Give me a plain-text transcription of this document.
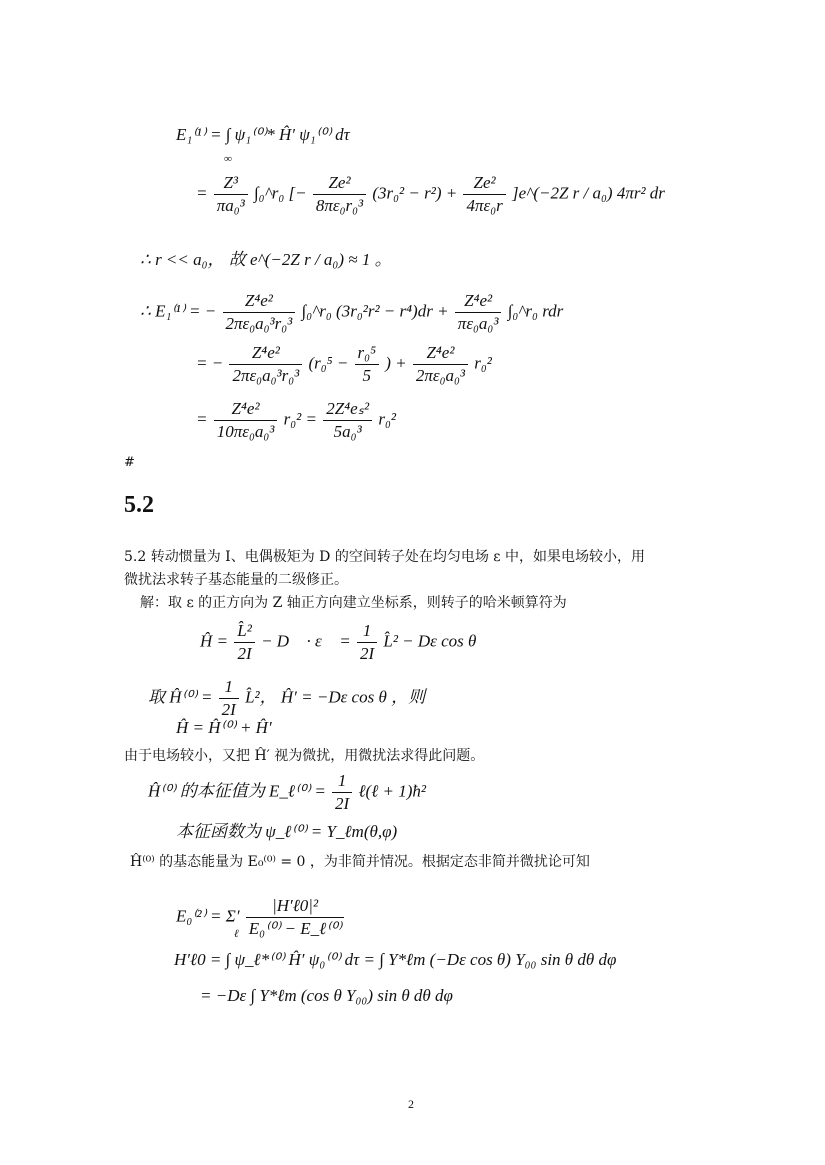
E₁⁽¹⁾ = ∫ ψ₁⁽⁰⁾* Ĥ′ ψ₁⁽⁰⁾ dτ
∞
= $\frac{\text{Z³}}{\text{πa₀³}}$ ∫₀^r₀ [− $\frac{\text{Ze²}}{\text{8πε₀r₀³}} (3r_0^2 - r^2) + \frac{\text{Ze²}}{\text{4πε₀r}}$ ]e^(−2Z r / a₀) 4πr² dr
∴ r << a₀， 故 e^(−2Z r / a₀) ≈ 1 。
∴ E₁⁽¹⁾ = − $\frac{\text{Z⁴e²}}{\text{2πε₀a₀³r₀³}}$ ∫₀^r₀ $(3r_0^2r^2 - r^4)dr + \frac{\text{Z⁴e²}}{\text{πε₀a₀³}}$ ∫₀^r₀ rdr
= − $\frac{\text{Z⁴e²}}{\text{2πε₀a₀³r₀³}} (r_0^5 - \frac{\text{r₀⁵}}{5}$ ) + $\frac{\text{Z⁴e²}}{\text{2πε₀a₀³}} r_0^2$
= $\frac{\text{Z⁴e²}}{\text{10πε₀a₀³}} r_0^2 = \frac{\text{2Z⁴eₛ²}}{\text{5a₀³}} r_0^2$
#
5.2
5.2 转动惯量为 I、电偶极矩为 D 的空间转子处在均匀电场 ε 中，如果电场较小，用
微扰法求转子基态能量的二级修正。
解：取 ε 的正方向为 Z 轴正方向建立坐标系，则转子的哈米顿算符为
Ĥ = $\frac{\text{L̂²}}{2I}$ − D⃗ · ε⃗ = $\frac{1}{2I}$ L̂² − Dε cos θ
取 Ĥ⁽⁰⁾ = $\frac{1}{2I}$ L̂²， Ĥ′ = −Dε cos θ ，则
Ĥ = Ĥ⁽⁰⁾ + Ĥ′
由于电场较小，又把 Ĥ′ 视为微扰，用微扰法求得此问题。
Ĥ⁽⁰⁾ 的本征值为 E_ℓ⁽⁰⁾ = $\frac{1}{2I}$ ℓ(ℓ + 1)ħ²
本征函数为 ψ_ℓ⁽⁰⁾ = Y_ℓm(θ,φ)
Ĥ⁽⁰⁾ 的基态能量为 E₀⁽⁰⁾ = 0 ，为非简并情况。根据定态非简并微扰论可知
$E_0^{(2)} = \Sigma' \frac{\text{|H′ℓ0|²}}{\text{E₀⁽⁰⁾ − E\_ℓ⁽⁰⁾}}$
ℓ
H′ℓ0 = ∫ ψ_ℓ*⁽⁰⁾ Ĥ′ ψ₀⁽⁰⁾ dτ = ∫ Y*ℓm (−Dε cos θ) Y₀₀ sin θ dθ dφ
= −Dε ∫ Y*ℓm (cos θ Y₀₀) sin θ dθ dφ
2
